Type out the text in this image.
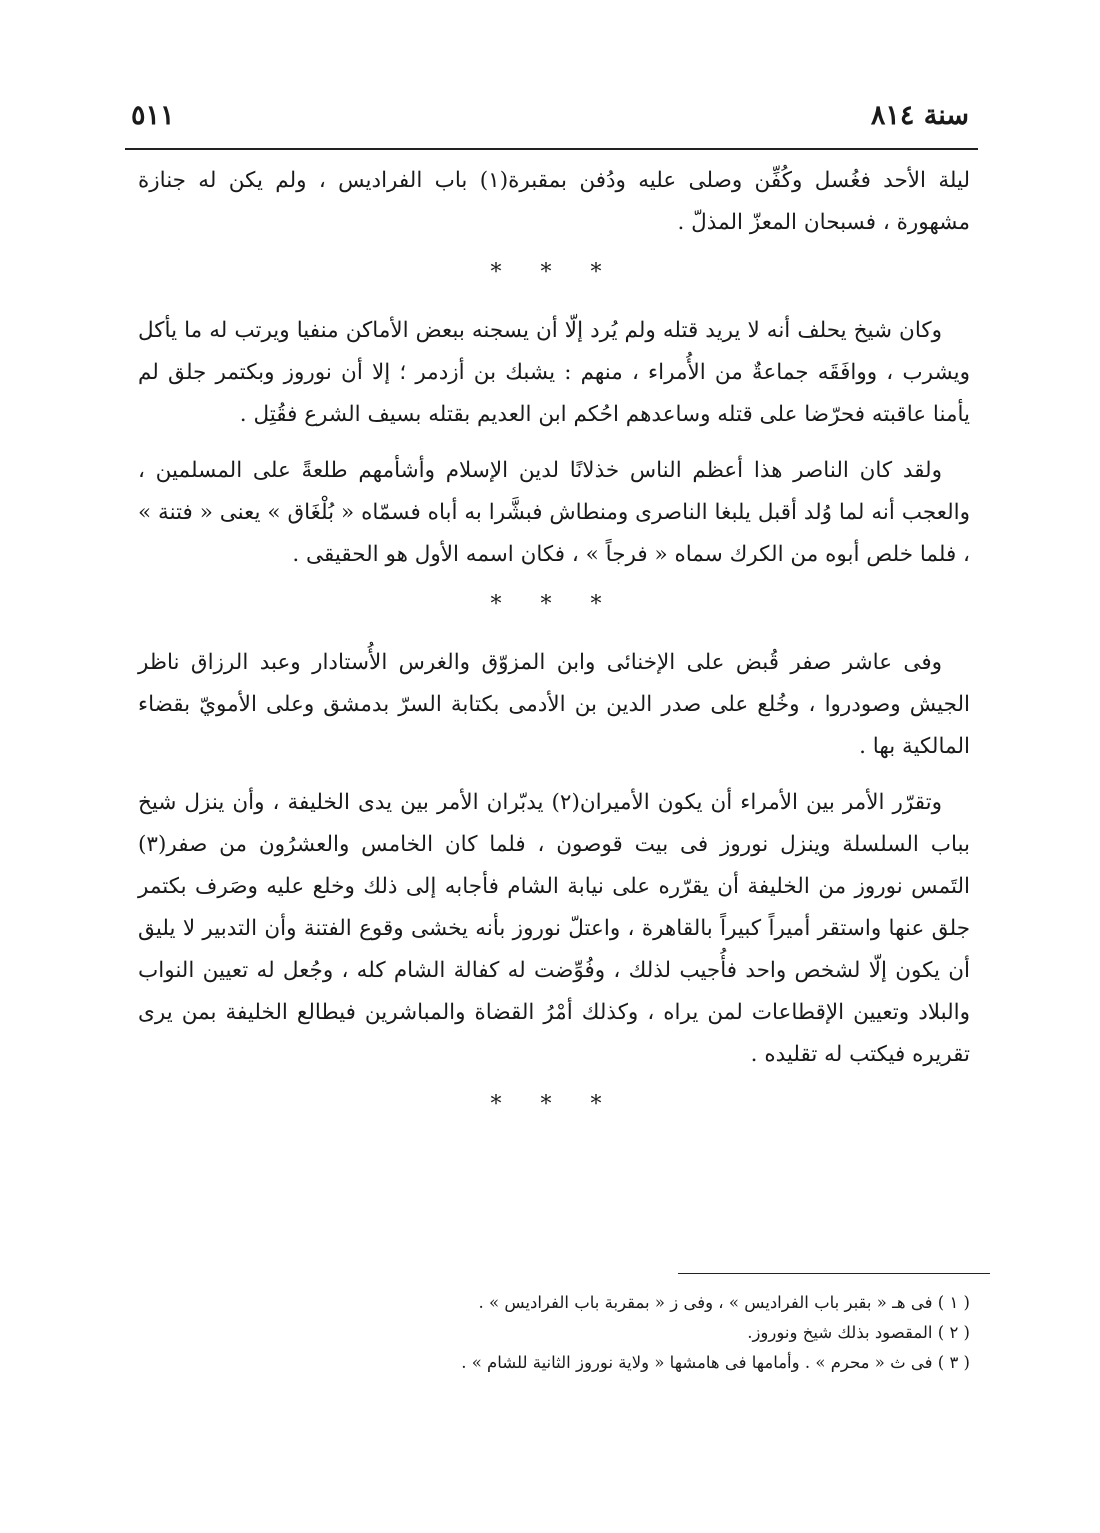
سنة ٨١٤
٥١١

ليلة الأحد فغُسل وكُفِّن وصلى عليه ودُفن بمقبرة(١) باب الفراديس ، ولم يكن له جنازة مشهورة ، فسبحان المعزّ المذلّ .

* * *

وكان شيخ يحلف أنه لا يريد قتله ولم يُرد إلّا أن يسجنه ببعض الأماكن منفيا ويرتب له ما يأكل ويشرب ، ووافَقَه جماعةٌ من الأُمراء ، منهم : يشبك بن أزدمر ؛ إلا أن نوروز وبكتمر جلق لم يأمنا عاقبته فحرّضا على قتله وساعدهم احُكم ابن العديم بقتله بسيف الشرع فقُتِل .

ولقد كان الناصر هذا أعظم الناس خذلانًا لدين الإسلام وأشأمهم طلعةً على المسلمين ، والعجب أنه لما وُلد أقبل يلبغا الناصرى ومنطاش فبشَّرا به أباه فسمّاه « بُلْغَاق » يعنى « فتنة » ، فلما خلص أبوه من الكرك سماه « فرجاً » ، فكان اسمه الأول هو الحقيقى .

* * *

وفى عاشر صفر قُبض على الإخنائى وابن المزوّق والغرس الأُستادار وعبد الرزاق ناظر الجيش وصودروا ، وخُلع على صدر الدين بن الأدمى بكتابة السرّ بدمشق وعلى الأمويّ بقضاء المالكية بها .

وتقرّر الأمر بين الأمراء أن يكون الأميران(٢) يدبّران الأمر بين يدى الخليفة ، وأن ينزل شيخ بباب السلسلة وينزل نوروز فى بيت قوصون ، فلما كان الخامس والعشرُون من صفر(٣) التَمس نوروز من الخليفة أن يقرّره على نيابة الشام فأجابه إلى ذلك وخلع عليه وصَرف بكتمر جلق عنها واستقر أميراً كبيراً بالقاهرة ، واعتلّ نوروز بأنه يخشى وقوع الفتنة وأن التدبير لا يليق أن يكون إلّا لشخص واحد فأُجيب لذلك ، وفُوِّضت له كفالة الشام كله ، وجُعل له تعيين النواب والبلاد وتعيين الإقطاعات لمن يراه ، وكذلك أمْرُ القضاة والمباشرين فيطالع الخليفة بمن يرى تقريره فيكتب له تقليده .

* * *

( ١ ) فى هـ « بقبر باب الفراديس » ، وفى ز « بمقربة باب الفراديس » .

( ٢ ) المقصود بذلك شيخ ونوروز.

( ٣ ) فى ث « محرم » . وأمامها فى هامشها « ولاية نوروز الثانية للشام » .
